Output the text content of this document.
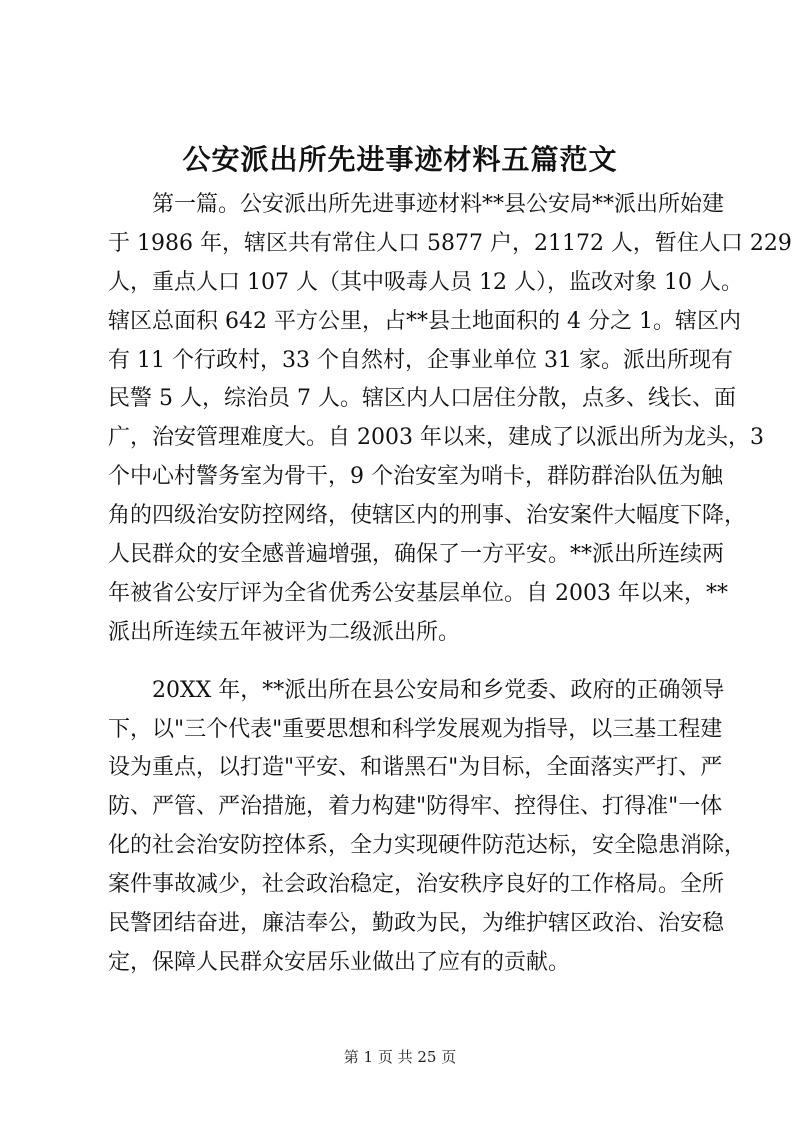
公安派出所先进事迹材料五篇范文
第一篇。公安派出所先进事迹材料**县公安局**派出所始建
于 1986 年，辖区共有常住人口 5877 户，21172 人，暂住人口 229
人，重点人口 107 人（其中吸毒人员 12 人），监改对象 10 人。
辖区总面积 642 平方公里，占**县土地面积的 4 分之 1。辖区内
有 11 个行政村，33 个自然村，企事业单位 31 家。派出所现有
民警 5 人，综治员 7 人。辖区内人口居住分散，点多、线长、面
广，治安管理难度大。自 2003 年以来，建成了以派出所为龙头，3
个中心村警务室为骨干，9 个治安室为哨卡，群防群治队伍为触
角的四级治安防控网络，使辖区内的刑事、治安案件大幅度下降，
人民群众的安全感普遍增强，确保了一方平安。**派出所连续两
年被省公安厅评为全省优秀公安基层单位。自 2003 年以来，**
派出所连续五年被评为二级派出所。
20XX 年，**派出所在县公安局和乡党委、政府的正确领导
下，以"三个代表"重要思想和科学发展观为指导，以三基工程建
设为重点，以打造"平安、和谐黑石"为目标，全面落实严打、严
防、严管、严治措施，着力构建"防得牢、控得住、打得准"一体
化的社会治安防控体系，全力实现硬件防范达标，安全隐患消除，
案件事故减少，社会政治稳定，治安秩序良好的工作格局。全所
民警团结奋进，廉洁奉公，勤政为民，为维护辖区政治、治安稳
定，保障人民群众安居乐业做出了应有的贡献。
第 1 页 共 25 页
